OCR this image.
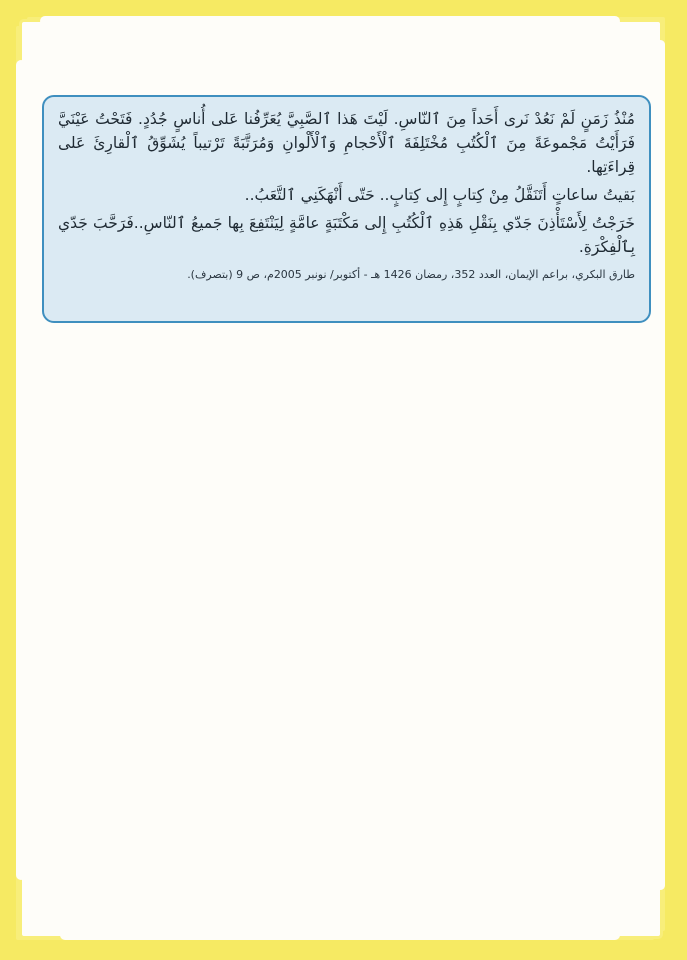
مُنْذُ زَمَنٍ لَمْ نَعُدْ نَرى أَحَداً مِنَ ٱلنّاسِ. لَيْتَ هَذا ٱلصَّبِيَّ يُعَرِّفُنا عَلى أُناسٍ جُدُدٍ. فَتَحْتُ عَيْنَيَّ فَرَأَيْتُ مَجْموعَةً مِنَ ٱلْكُتُبِ مُخْتَلِفَةَ ٱلْأَحْجامِ وَٱلْأَلْوانِ وَمُرَتَّبَةً تَرْتيباً يُشَوِّقُ ٱلْقارِئَ عَلى قِراءَتِها.

بَقيتُ ساعاتٍ أَتَنَقَّلُ مِنْ كِتابٍ إِلى كِتابٍ.. حَتّى أَنْهَكَنِي ٱلتَّعَبُ..

خَرَجْتُ لِأَسْتَأْذِنَ جَدّي بِنَقْلِ هَذِهِ ٱلْكُتُبِ إِلى مَكْتَبَةٍ عامَّةٍ لِيَنْتَفِعَ بِها جَميعُ ٱلنّاسِ..فَرَحَّبَ جَدّي بِٱلْفِكْرَةِ.

طارق البكري، براعم الإيمان، العدد 352، رمضان 1426 هـ - أكتوبر/ نونبر 2005م، ص 9 (بتصرف).
